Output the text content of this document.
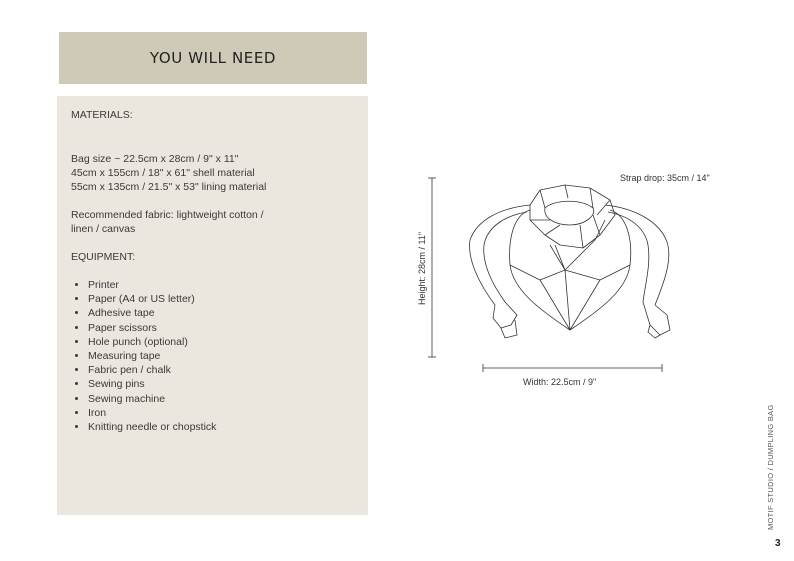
YOU WILL NEED

MATERIALS:

Bag size ~ 22.5cm x 28cm / 9" x 11"
45cm x 155cm / 18" x 61" shell material
55cm x 135cm / 21.5" x 53" lining material
Recommended fabric: lightweight cotton /
linen / canvas

EQUIPMENT:

• Printer
• Paper (A4 or US letter)
• Adhesive tape
• Paper scissors
• Hole punch (optional)
• Measuring tape
• Fabric pen / chalk
• Sewing pins
• Sewing machine
• Iron
• Knitting needle or chopstick
Strap drop: 35cm / 14"
Width: 22.5cm / 9"
Height: 28cm / 11"
MOTIF STUDIO / DUMPLING BAG
3
